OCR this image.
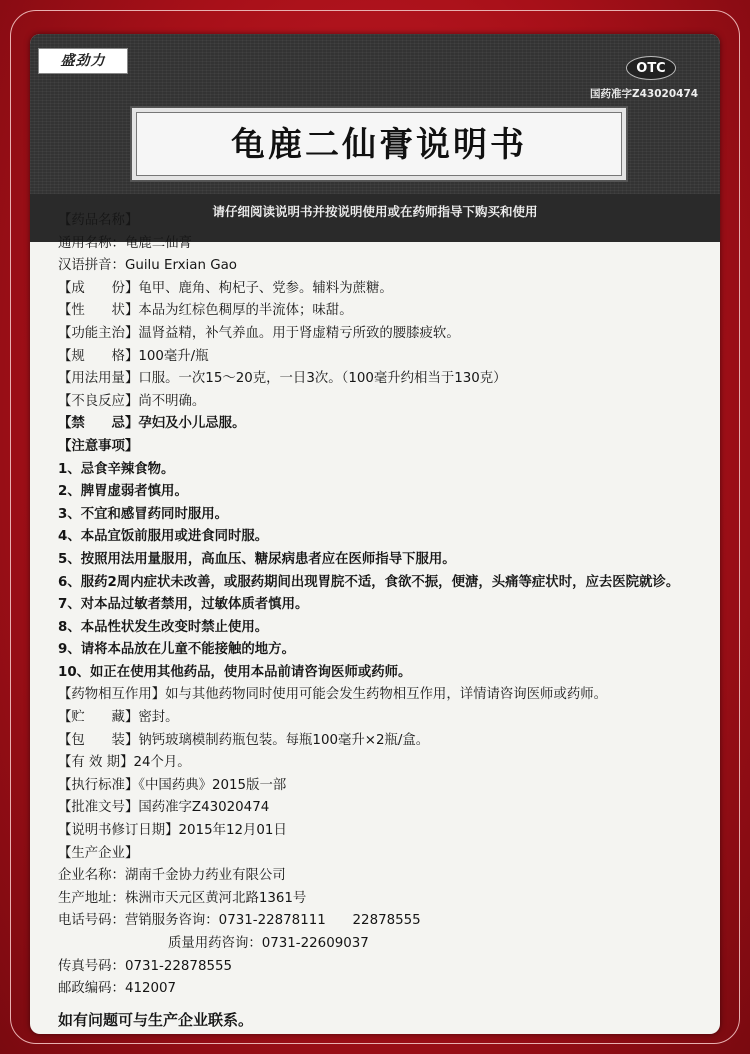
盛劲力	OTC
国药准字Z43020474
龟鹿二仙膏说明书
请仔细阅读说明书并按说明使用或在药师指导下购买和使用
【药品名称】
通用名称：龟鹿二仙膏
汉语拼音：Guilu Erxian Gao
【成　　份】龟甲、鹿角、枸杞子、党参。辅料为蔗糖。
【性　　状】本品为红棕色稠厚的半流体；味甜。
【功能主治】温肾益精，补气养血。用于肾虚精亏所致的腰膝疲软。
【规　　格】100毫升/瓶
【用法用量】口服。一次15～20克，一日3次。（100毫升约相当于130克）
【不良反应】尚不明确。
【禁　　忌】孕妇及小儿忌服。
【注意事项】
1、忌食辛辣食物。
2、脾胃虚弱者慎用。
3、不宜和感冒药同时服用。
4、本品宜饭前服用或进食同时服。
5、按照用法用量服用，高血压、糖尿病患者应在医师指导下服用。
6、服药2周内症状未改善，或服药期间出现胃脘不适，食欲不振，便溏，头痛等症状时，应去医院就诊。
7、对本品过敏者禁用，过敏体质者慎用。
8、本品性状发生改变时禁止使用。
9、请将本品放在儿童不能接触的地方。
10、如正在使用其他药品，使用本品前请咨询医师或药师。
【药物相互作用】如与其他药物同时使用可能会发生药物相互作用，详情请咨询医师或药师。
【贮　　藏】密封。
【包　　装】钠钙玻璃模制药瓶包装。每瓶100毫升×2瓶/盒。
【有 效 期】24个月。
【执行标准】《中国药典》2015版一部
【批准文号】国药准字Z43020474
【说明书修订日期】2015年12月01日
【生产企业】
企业名称：湖南千金协力药业有限公司
生产地址：株洲市天元区黄河北路1361号
电话号码：营销服务咨询：0731-22878111　　22878555
质量用药咨询：0731-22609037
传真号码：0731-22878555
邮政编码：412007
如有问题可与生产企业联系。
